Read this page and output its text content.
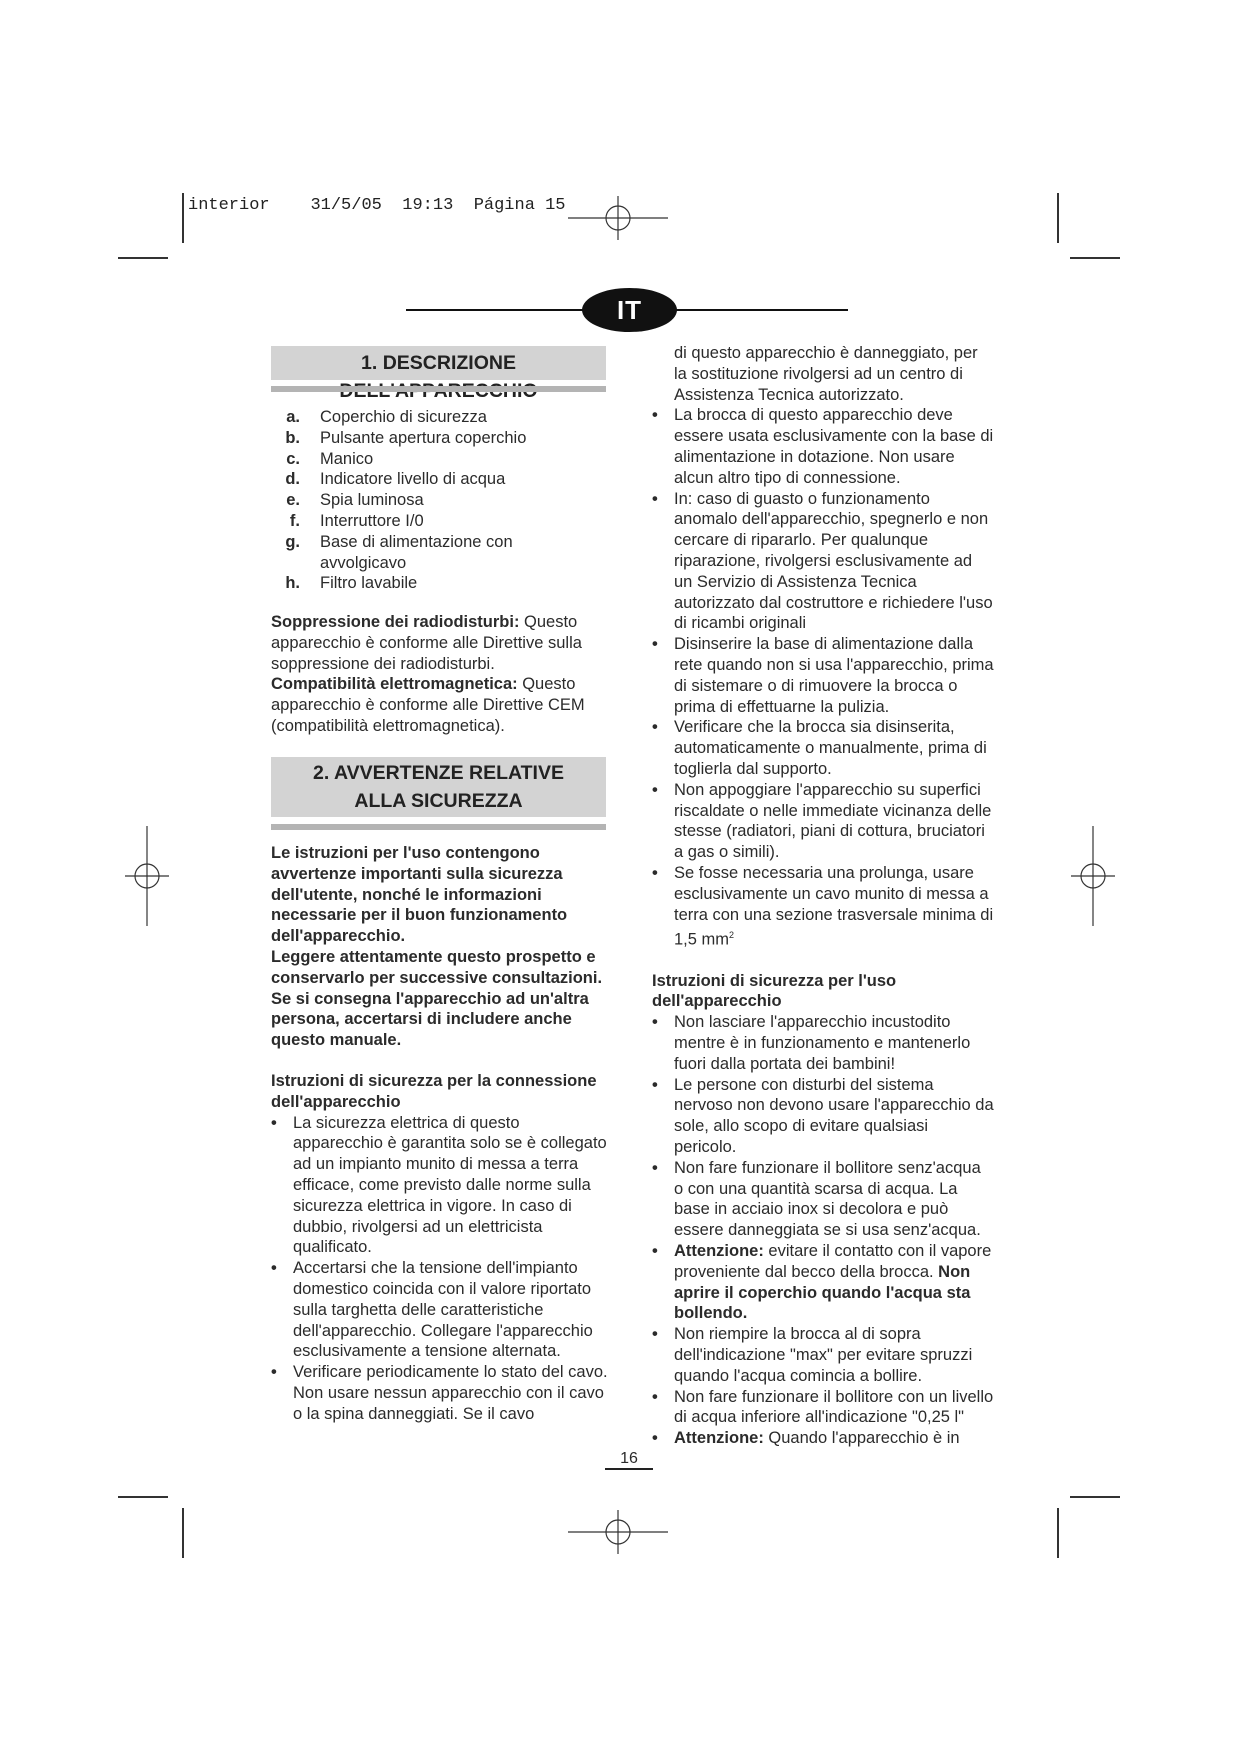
interior 31/5/05 19:13 Página 15
IT
1. DESCRIZIONE
a.	Coperchio di sicurezza
b.	Pulsante apertura coperchio
c.	Manico
d.	Indicatore livello di acqua
e.	Spia luminosa
f.	Interruttore I/0
g.	Base di alimentazione con avvolgicavo
h.	Filtro lavabile

Soppressione dei radiodisturbi: Questo apparecchio è conforme alle Direttive sulla soppressione dei radiodisturbi.

Compatibilità elettromagnetica: Questo apparecchio è conforme alle Direttive CEM (compatibilità elettromagnetica).

2. AVVERTENZE RELATIVE
ALLA SICUREZZA

Le istruzioni per l'uso contengono avvertenze importanti sulla sicurezza dell'utente, nonché le informazioni necessarie per il buon funzionamento dell'apparecchio.

Leggere attentamente questo prospetto e conservarlo per successive consultazioni. Se si consegna l'apparecchio ad un'altra persona, accertarsi di includere anche questo manuale.

Istruzioni di sicurezza per la connessione dell'apparecchio

• La sicurezza elettrica di questo apparecchio è garantita solo se è collegato ad un impianto munito di messa a terra efficace, come previsto dalle norme sulla sicurezza elettrica in vigore. In caso di dubbio, rivolgersi ad un elettricista qualificato.
• Accertarsi che la tensione dell'impianto domestico coincida con il valore riportato sulla targhetta delle caratteristiche dell'apparecchio. Collegare l'apparecchio esclusivamente a tensione alternata.
• Verificare periodicamente lo stato del cavo. Non usare nessun apparecchio con il cavo o la spina danneggiati. Se il cavo

di questo apparecchio è danneggiato, per la sostituzione rivolgersi ad un centro di Assistenza Tecnica autorizzato.

• La brocca di questo apparecchio deve essere usata esclusivamente con la base di alimentazione in dotazione. Non usare alcun altro tipo di connessione.
• In: caso di guasto o funzionamento anomalo dell'apparecchio, spegnerlo e non cercare di ripararlo. Per qualunque riparazione, rivolgersi esclusivamente ad un Servizio di Assistenza Tecnica autorizzato dal costruttore e richiedere l'uso di ricambi originali
• Disinserire la base di alimentazione dalla rete quando non si usa l'apparecchio, prima di sistemare o di rimuovere la brocca o prima di effettuarne la pulizia.
• Verificare che la brocca sia disinserita, automaticamente o manualmente, prima di toglierla dal supporto.
• Non appoggiare l'apparecchio su superfici riscaldate o nelle immediate vicinanza delle stesse (radiatori, piani di cottura, bruciatori a gas o simili).
• Se fosse necessaria una prolunga, usare esclusivamente un cavo munito di messa a terra con una sezione trasversale minima di 1,5 $mm^2$

Istruzioni di sicurezza per l'uso dell'apparecchio

• Non lasciare l'apparecchio incustodito mentre è in funzionamento e mantenerlo fuori dalla portata dei bambini!
• Le persone con disturbi del sistema nervoso non devono usare l'apparecchio da sole, allo scopo di evitare qualsiasi pericolo.
• Non fare funzionare il bollitore senz'acqua o con una quantità scarsa di acqua. La base in acciaio inox si decolora e può essere danneggiata se si usa senz'acqua.
• Attenzione: evitare il contatto con il vapore proveniente dal becco della brocca. Non aprire il coperchio quando l'acqua sta bollendo.
• Non riempire la brocca al di sopra dell'indicazione "max" per evitare spruzzi quando l'acqua comincia a bollire.
• Non fare funzionare il bollitore con un livello di acqua inferiore all'indicazione "0,25 l"
• Attenzione: Quando l'apparecchio è in
16
